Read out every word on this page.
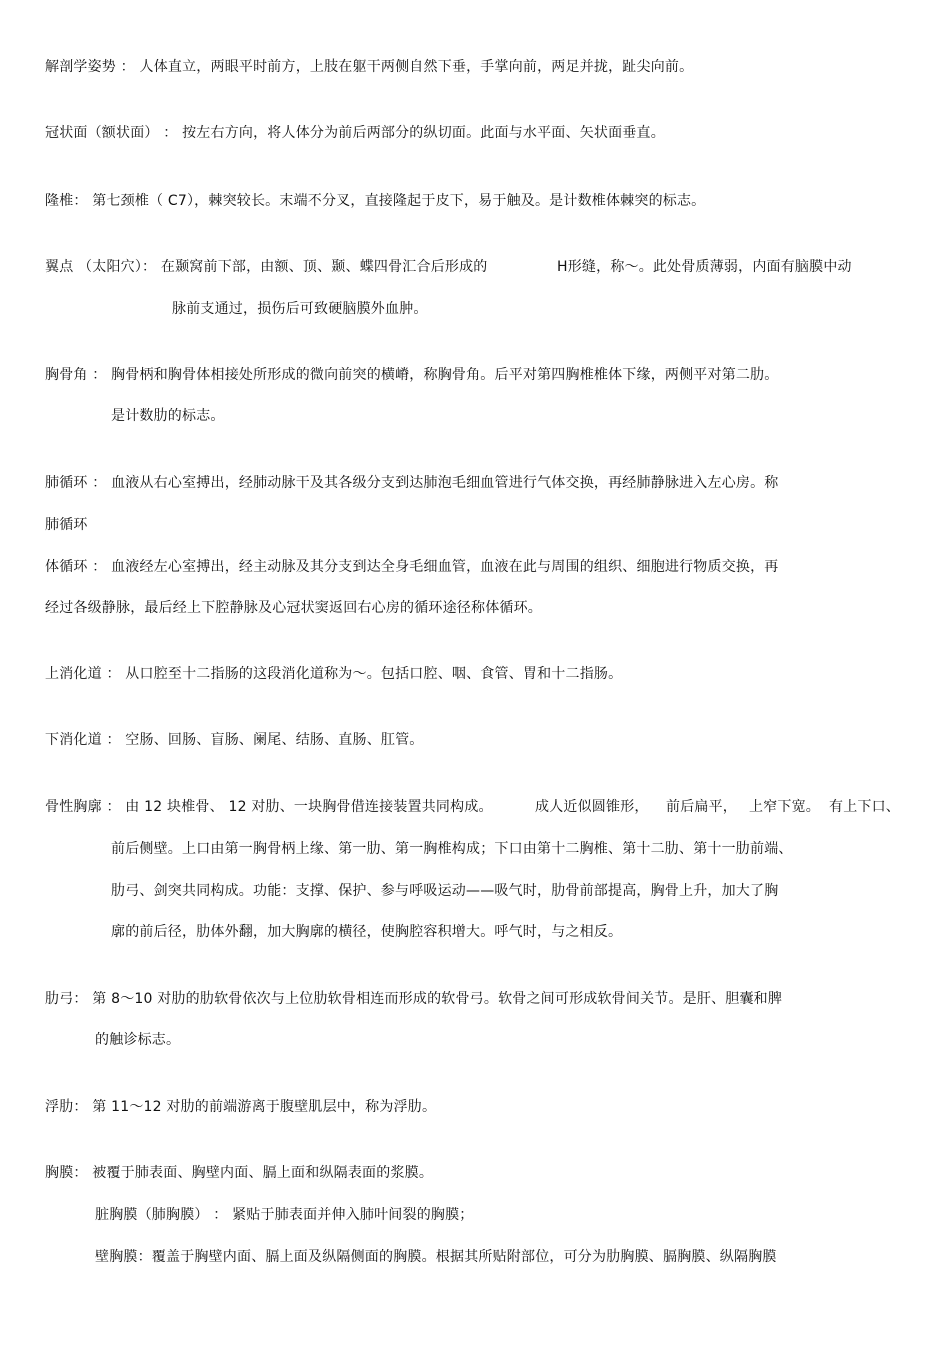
解剖学姿势 ： 人体直立，两眼平时前方，上肢在躯干两侧自然下垂，手掌向前，两足并拢，趾尖向前。
冠状面（额状面） ： 按左右方向，将人体分为前后两部分的纵切面。此面与水平面、矢状面垂直。
隆椎： 第七颈椎（ C7），棘突较长。末端不分叉，直接隆起于皮下，易于触及。是计数椎体棘突的标志。
翼点 （太阳穴）： 在颞窝前下部，由额、顶、颞、蝶四骨汇合后形成的	H形缝，称～。此处骨质薄弱，内面有脑膜中动
脉前支通过，损伤后可致硬脑膜外血肿。
胸骨角 ： 胸骨柄和胸骨体相接处所形成的微向前突的横嵴，称胸骨角。后平对第四胸椎椎体下缘，两侧平对第二肋。
是计数肋的标志。
肺循环 ： 血液从右心室搏出，经肺动脉干及其各级分支到达肺泡毛细血管进行气体交换，再经肺静脉进入左心房。称
肺循环
体循环 ： 血液经左心室搏出，经主动脉及其分支到达全身毛细血管，血液在此与周围的组织、细胞进行物质交换，再
经过各级静脉，最后经上下腔静脉及心冠状窦返回右心房的循环途径称体循环。
上消化道 ： 从口腔至十二指肠的这段消化道称为～。包括口腔、咽、食管、胃和十二指肠。
下消化道 ： 空肠、回肠、盲肠、阑尾、结肠、直肠、肛管。
骨性胸廓 ： 由 12 块椎骨、 12 对肋、一块胸骨借连接装置共同构成。	成人近似圆锥形， 前后扁平， 上窄下宽。 有上下口、
前后侧壁。上口由第一胸骨柄上缘、第一肋、第一胸椎构成；下口由第十二胸椎、第十二肋、第十一肋前端、
肋弓、剑突共同构成。功能：支撑、保护、参与呼吸运动——吸气时，肋骨前部提高，胸骨上升，加大了胸
廓的前后径，肋体外翻，加大胸廓的横径，使胸腔容积增大。呼气时，与之相反。
肋弓： 第 8～10 对肋的肋软骨依次与上位肋软骨相连而形成的软骨弓。软骨之间可形成软骨间关节。是肝、胆囊和脾
的触诊标志。
浮肋： 第 11～12 对肋的前端游离于腹壁肌层中，称为浮肋。
胸膜： 被覆于肺表面、胸壁内面、膈上面和纵隔表面的浆膜。
脏胸膜（肺胸膜） ： 紧贴于肺表面并伸入肺叶间裂的胸膜；
壁胸膜：覆盖于胸壁内面、膈上面及纵隔侧面的胸膜。根据其所贴附部位，可分为肋胸膜、膈胸膜、纵隔胸膜
